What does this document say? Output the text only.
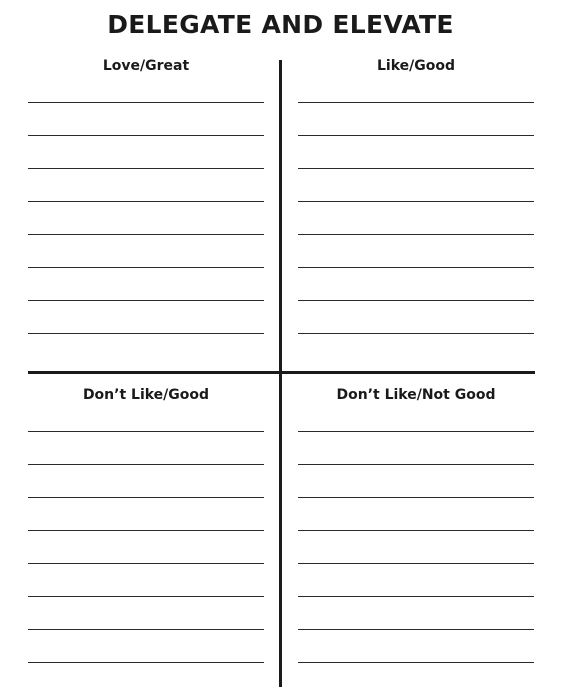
DELEGATE AND ELEVATE
Love/Great	Like/Good
Don’t Like/Good	Don’t Like/Not Good
